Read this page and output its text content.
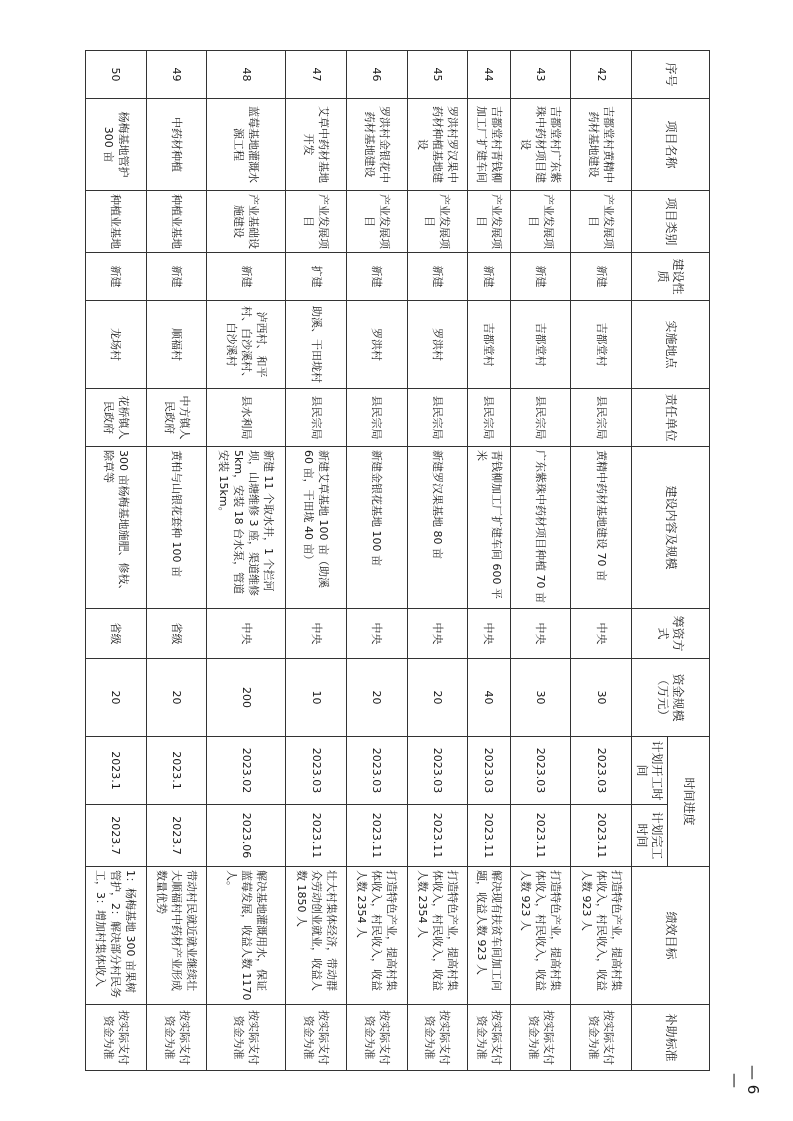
序号	项目名称	项目类别	建设性质	实施地点	责任单位	建设内容及规模	筹资方式	资金规模（万元）	时间进度		绩效目标	补助标准
									计划开工时间	计划完工时间		
42	吉都堂村黄精中药材基地建设	产业发展项目	新建	吉都堂村	县民宗局	黄精中药材基地建设 70 亩	中央	30	2023.03	2023.11	打造特色产业，提高村集体收入，村民收入，收益人数 923 人	按实际支付资金为准
43	吉都堂村广东紫珠中药材项目建设	产业发展项目	新建	吉都堂村	县民宗局	广东紫珠中药材项目种植 70 亩	中央	30	2023.03	2023.11	打造特色产业，提高村集体收入，村民收入，收益人数 923 人	按实际支付资金为准
44	吉都堂村青钱柳加工厂扩建车间	产业发展项目	新建	吉都堂村	县民宗局	青钱柳加工厂扩建车间 600 平米	中央	40	2023.03	2023.11	解决现有扶贫车间加工问题，收益人数 923 人	按实际支付资金为准
45	罗洪村罗汉果中药材种植基地建设	产业发展项目	新建	罗洪村	县民宗局	新建罗汉果基地 80 亩	中央	20	2023.03	2023.11	打造特色产业，提高村集体收入，村民收入，收益人数 2354 人	按实际支付资金为准
46	罗洪村金银花中药材基地建设	产业发展项目	新建	罗洪村	县民宗局	新建金银花基地 100 亩	中央	20	2023.03	2023.11	打造特色产业，提高村集体收入，村民收入，收益人数 2354 人	按实际支付资金为准
47	艾草中药材基地开发	产业发展项目	扩建	助溪、干田垅村	县民宗局	新建艾草基地 100 亩（助溪 60 亩，干田垅 40 亩）	中央	10	2023.03	2023.11	壮大村集体经济，带动群众劳动创业就业，收益人数 1850 人	按实际支付资金为准
48	蓝莓基地灌溉水源工程	产业基础设施建设	新建	泸西村、和平村、白沙溪村、白沙溪村	县水利局	新建 11 个取水井，1 个拦河坝，山塘维修 3 座，渠道维修 5km，安装 18 台水泵，管道安装 15km。	中央	200	2023.02	2023.06	解决基地灌溉用水，保证蓝莓发展，收益人数 1170 人。	按实际支付资金为准
49	中药材种植	种植业基地	新建	顺福村	中方镇人民政府	黄柏与山银花套种 100 亩	省级	20	2023.1	2023.7	带动村民就近就业继续壮大顺福村中药材产业形成数量优势	按实际支付资金为准
50	杨梅基地管护 300 亩	种植业基地	新建	龙场村	花桥镇人民政府	300 亩杨梅基地施肥、修枝、除草等	省级	20	2023.1	2023.7	1：杨梅基地 300 亩果树管护，2：解决部分村民务工，3：增加村集体收入	按实际支付资金为准
— 6 —
